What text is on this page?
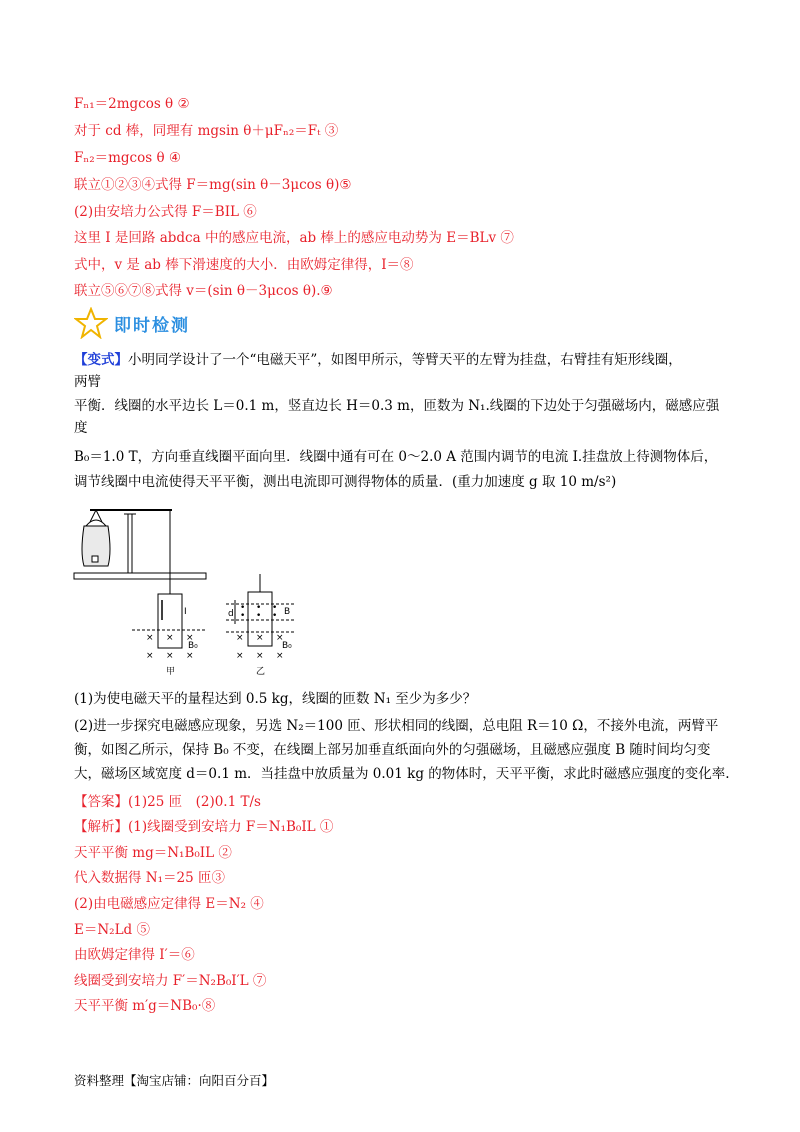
Fₙ₁＝2mgcos θ ②
对于 cd 棒，同理有 mgsin θ＋μFₙ₂＝Fₜ ③
Fₙ₂＝mgcos θ ④
联立①②③④式得 F＝mg(sin θ－3μcos θ)⑤
(2)由安培力公式得 F＝BIL ⑥
这里 I 是回路 abdca 中的感应电流，ab 棒上的感应电动势为 E＝BLv ⑦
式中，v 是 ab 棒下滑速度的大小．由欧姆定律得，I＝⑧
联立⑤⑥⑦⑧式得 v＝(sin θ－3μcos θ).⑨
即时检测
【变式】小明同学设计了一个“电磁天平”，如图甲所示，等臂天平的左臂为挂盘，右臂挂有矩形线圈，
两臂
平衡．线圈的水平边长 L＝0.1 m，竖直边长 H＝0.3 m，匝数为 N₁.线圈的下边处于匀强磁场内，磁感应强
度
B₀＝1.0 T，方向垂直线圈平面向里．线圈中通有可在 0～2.0 A 范围内调节的电流 I.挂盘放上待测物体后，
调节线圈中电流使得天平平衡，测出电流即可测得物体的质量．(重力加速度 g 取 10 m/s²)
I
B₀
× × ×
× × ×
甲
d
• • •
• • • B
× × ×
× × ×
B₀
乙
(1)为使电磁天平的量程达到 0.5 kg，线圈的匝数 N₁ 至少为多少？
(2)进一步探究电磁感应现象，另选 N₂＝100 匝、形状相同的线圈，总电阻 R＝10 Ω，不接外电流，两臂平
衡，如图乙所示，保持 B₀ 不变，在线圈上部另加垂直纸面向外的匀强磁场，且磁感应强度 B 随时间均匀变
大，磁场区域宽度 d＝0.1 m．当挂盘中放质量为 0.01 kg 的物体时，天平平衡，求此时磁感应强度的变化率.
【答案】(1)25 匝　(2)0.1 T/s
【解析】(1)线圈受到安培力 F＝N₁B₀IL ①
天平平衡 mg＝N₁B₀IL ②
代入数据得 N₁＝25 匝③
(2)由电磁感应定律得 E＝N₂ ④
E＝N₂Ld ⑤
由欧姆定律得 I′＝⑥
线圈受到安培力 F′＝N₂B₀I′L ⑦
天平平衡 m′g＝NB₀·⑧
资料整理【淘宝店铺：向阳百分百】
